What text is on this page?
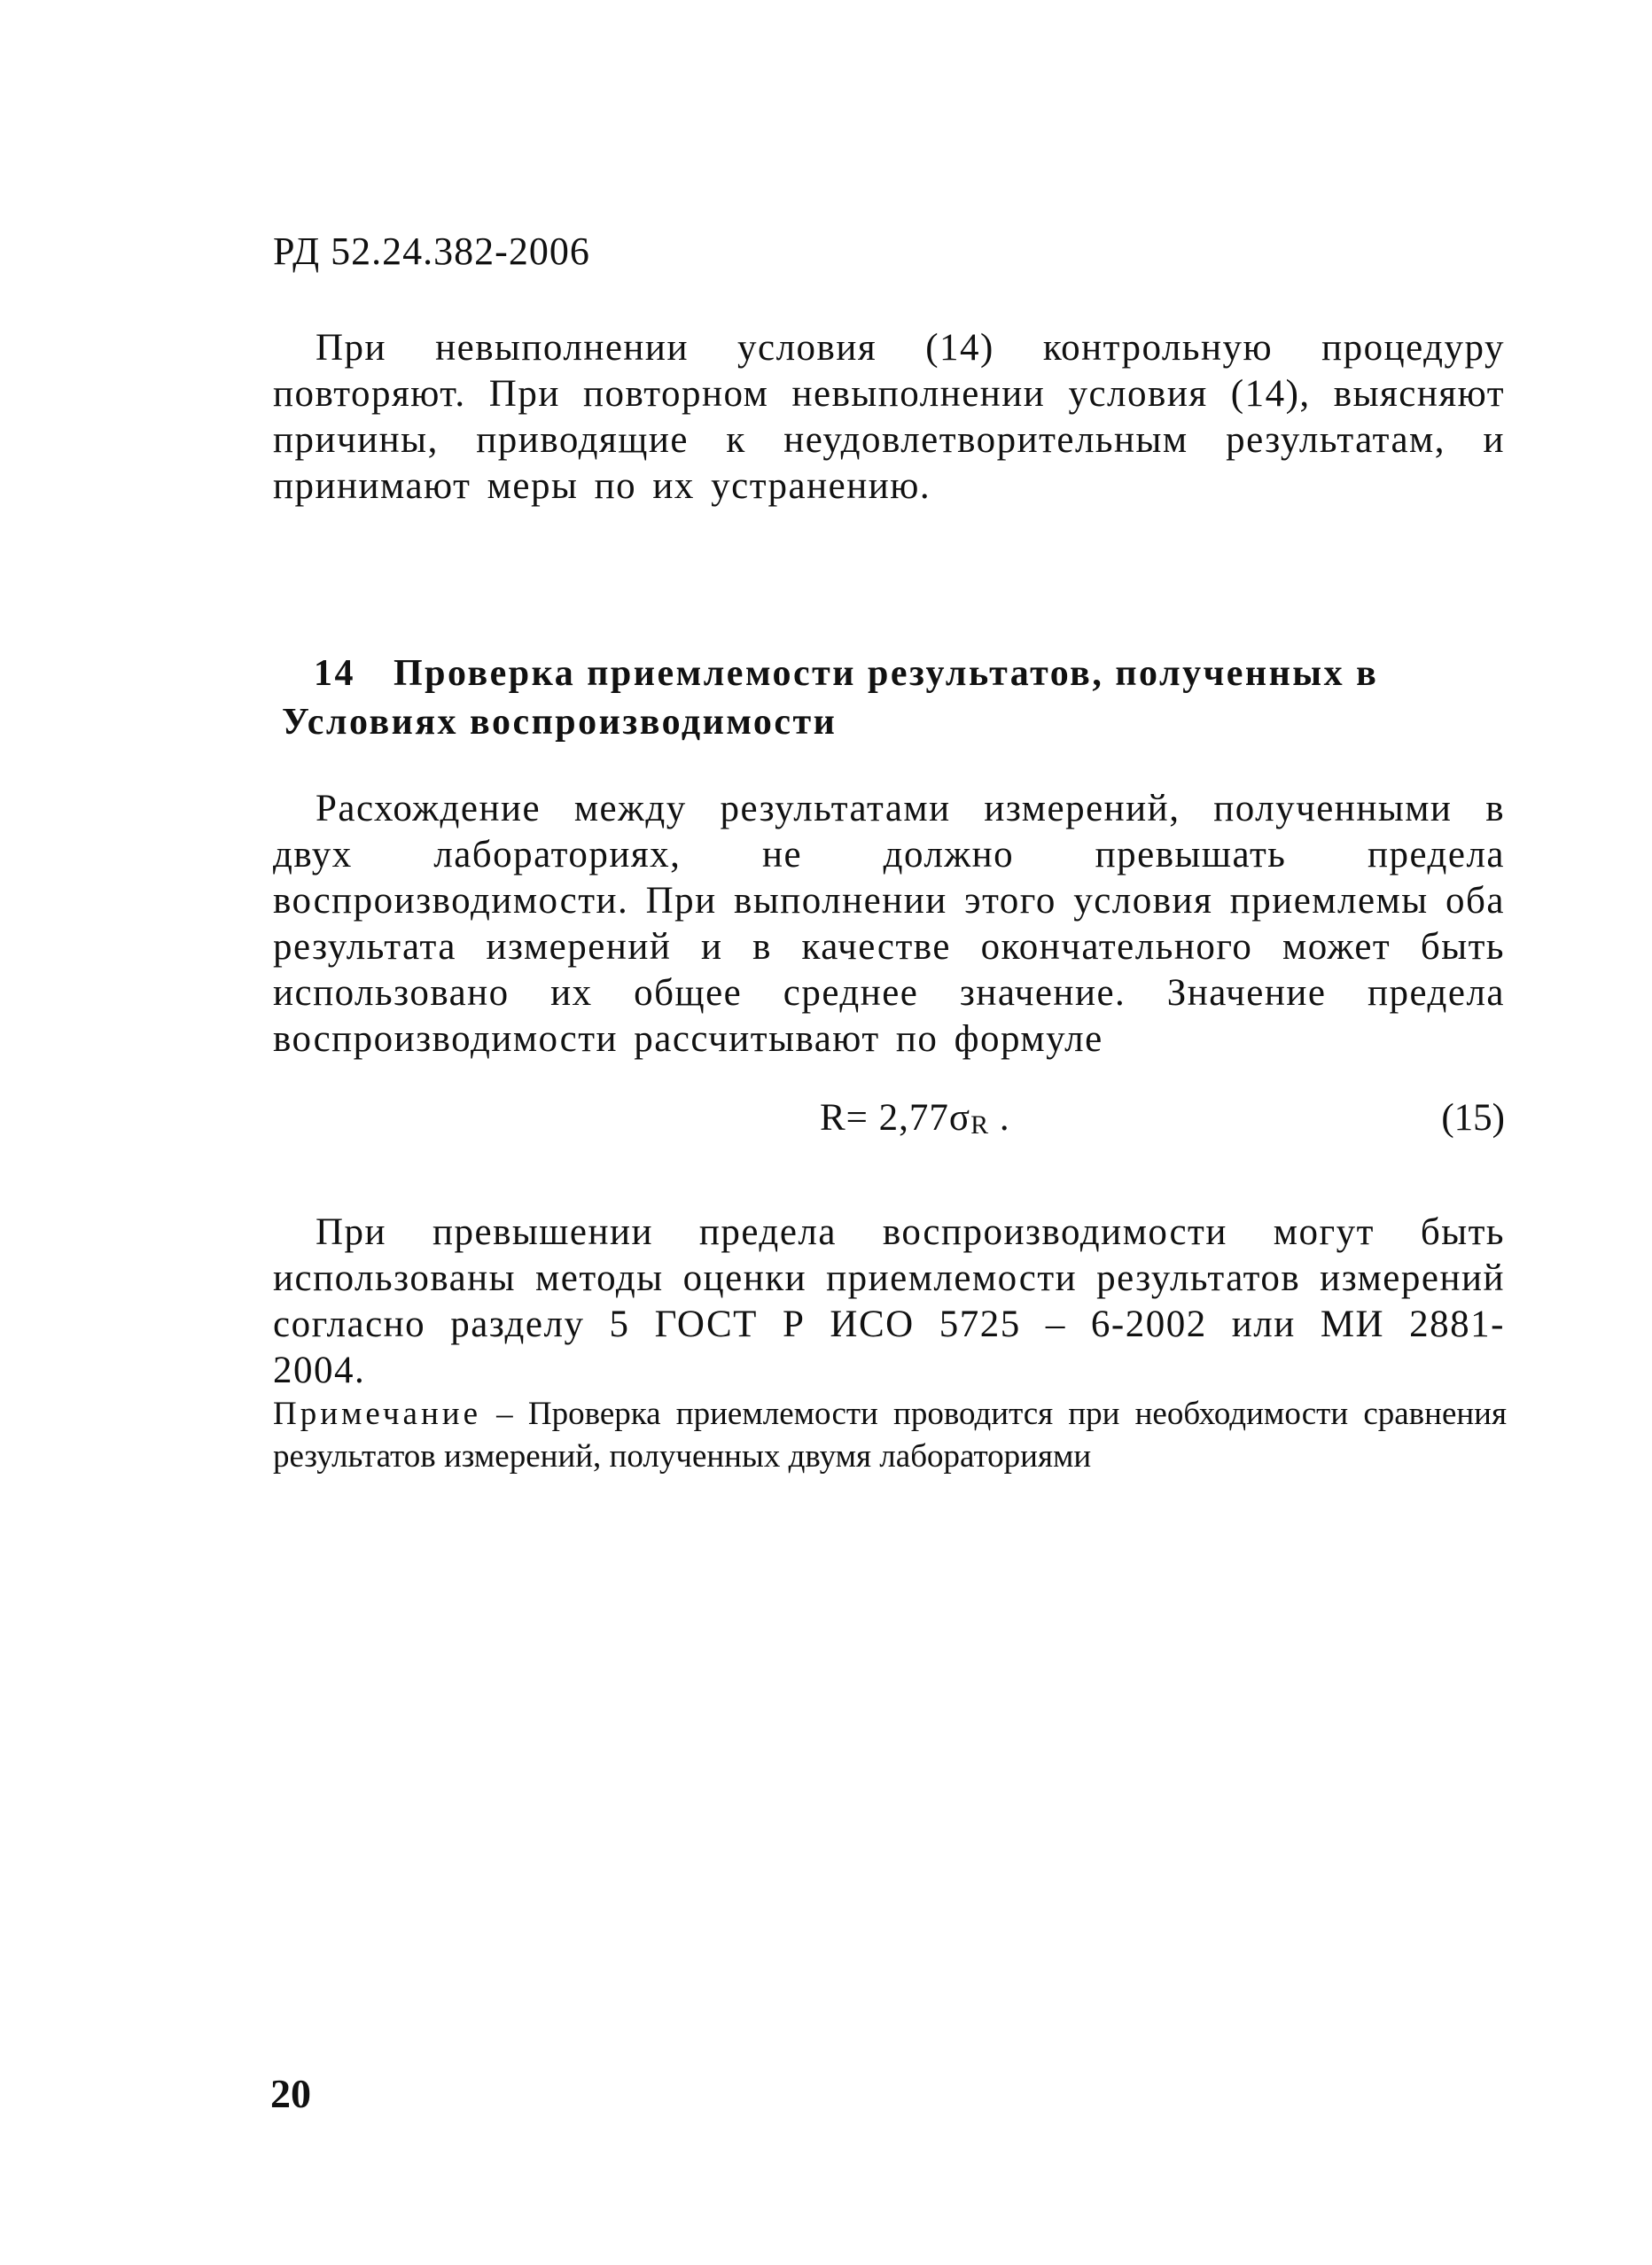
РД 52.24.382-2006
При невыполнении условия (14) контрольную процедуру повторяют. При повторном невыполнении условия (14), выясняют причины, приводящие к неудовлетворительным результатам, и принимают меры по их устранению.
14 Проверка приемлемости результатов, полученных в
Условиях воспроизводимости
Расхождение между результатами измерений, полученными в двух лабораториях, не должно превышать предела воспроизводимости. При выполнении этого условия приемлемы оба результата измерений и в качестве окончательного может быть использовано их общее среднее значение. Значение предела воспроизводимости рассчитывают по формуле
$R= 2,77\sigma_R$ .	(15)
При превышении предела воспроизводимости могут быть использованы методы оценки приемлемости результатов измерений согласно разделу 5 ГОСТ Р ИСО 5725 – 6-2002 или МИ 2881- 2004.
Примечание – Проверка приемлемости проводится при необходимости сравнения результатов измерений, полученных двумя лабораториями
20
